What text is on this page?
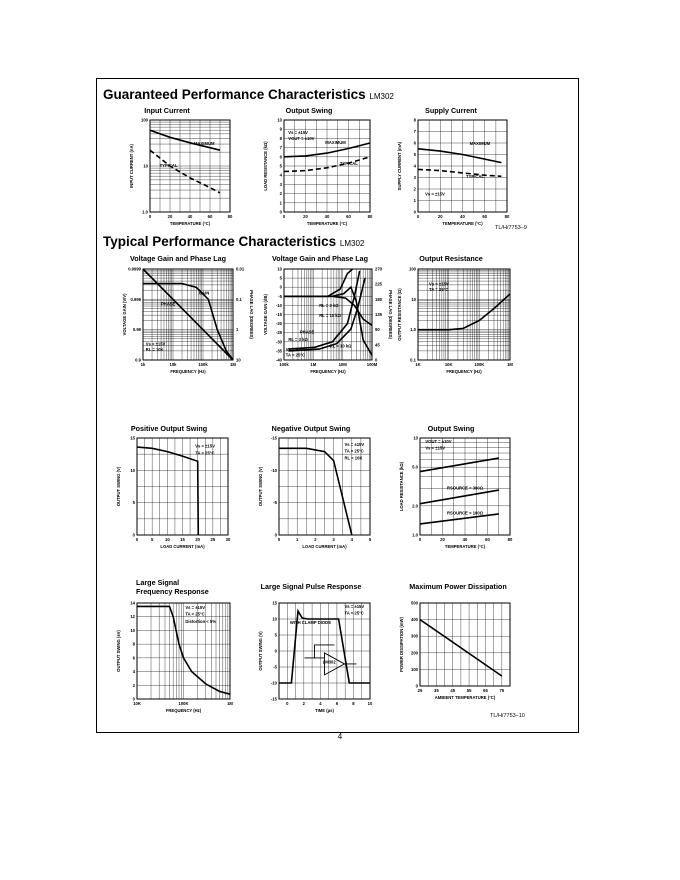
Guaranteed Performance Characteristics LM302
Typical Performance Characteristics LM302
TL/H/7753–9
TL/H/7753–10
4
Input Current
0	20	40	60	80
100
10
1.0
TEMPERATURE (°C)
INPUT CURRENT (nA)
MAXIMUM
TYPICAL
Output Swing
0	20	40	60	80
10
9
8
7
6
5
4
3
2
1
0
TEMPERATURE (°C)
LOAD RESISTANCE (kΩ)	MAXIMUM
TYPICAL
Vs = ±15V
VOUT = ±10V
Supply Current
0	20	40	60	80
8
7
6
5
4
3
2
1
0
TEMPERATURE (°C)
SUPPLY CURRENT (mA)	MAXIMUM
TYPICAL
Vs = ±15V
Voltage Gain and Phase Lag
1k	10k	100k	1M
0.9999
0.999
0.99
0.9
0.01
0.1
1
10
PHASE LAG (DEGREES)
FREQUENCY (Hz)
VOLTAGE GAIN (V/V)
GAIN
PHASE
Vs = ±15V
RL = 10k
Voltage Gain and Phase Lag
100k	1M	10M	100M
10
5
0
-5
-10
-15
-20
-25
-30
-35
-40
270
225
180
135
90
45
0
PHASE LAG (DEGREES)
FREQUENCY (Hz)
VOLTAGE GAIN (dB)	RL = 3 kΩ
RL = 10 kΩ
RL = 3 kΩ
RL = 30 kΩ
PHASE
Vs = ±15V
TA = 25°C
Output Resistance
1K	10K	100K	1M
100
10
1.0
0.1
FREQUENCY (Hz)
OUTPUT RESISTANCE (Ω)
Vs = ±15V
TA = 25°C
Positive Output Swing
0	5	10 15 20 25 30
15
10
5
0
LOAD CURRENT (mA)
OUTPUT SWING (V)
Vs = ±15V
TA = 25°C
Negative Output Swing
0	1	2	3	4	5
-15
-10
-5
0
LOAD CURRENT (mA)
OUTPUT SWING (V)
Vs = ±15V
TA = 25°C
RL = 10K
Output Swing
0	20	40	60	80
10
5.0
2.0
1.0
TEMPERATURE (°C)
LOAD RESISTANCE (kΩ)
VOUT = ±10V
Vs = ±15V
RSOURCE = 300Ω
RSOURCE = 100Ω
Large Signal
Frequency Response
10K	100K	1M
14
12
10
8
6
4
2
0
FREQUENCY (Hz)
OUTPUT SWING (±V)
Vs = ±15V
TA = 25°C
Distortion < 5%
Large Signal Pulse Response
0	2	4	6	8	10
15
10
5
0
-5
-10
-15
TIME (μs)
OUTPUT SWING (V)
Vs = ±15V
TA = 25°C
WITH CLAMP DIODE
LM302
Maximum Power Dissipation
25	35	45	55	65	75
500
400
300
200
100
0
AMBIENT TEMPERATURE (°C)
POWER DISSIPATION (mW)
